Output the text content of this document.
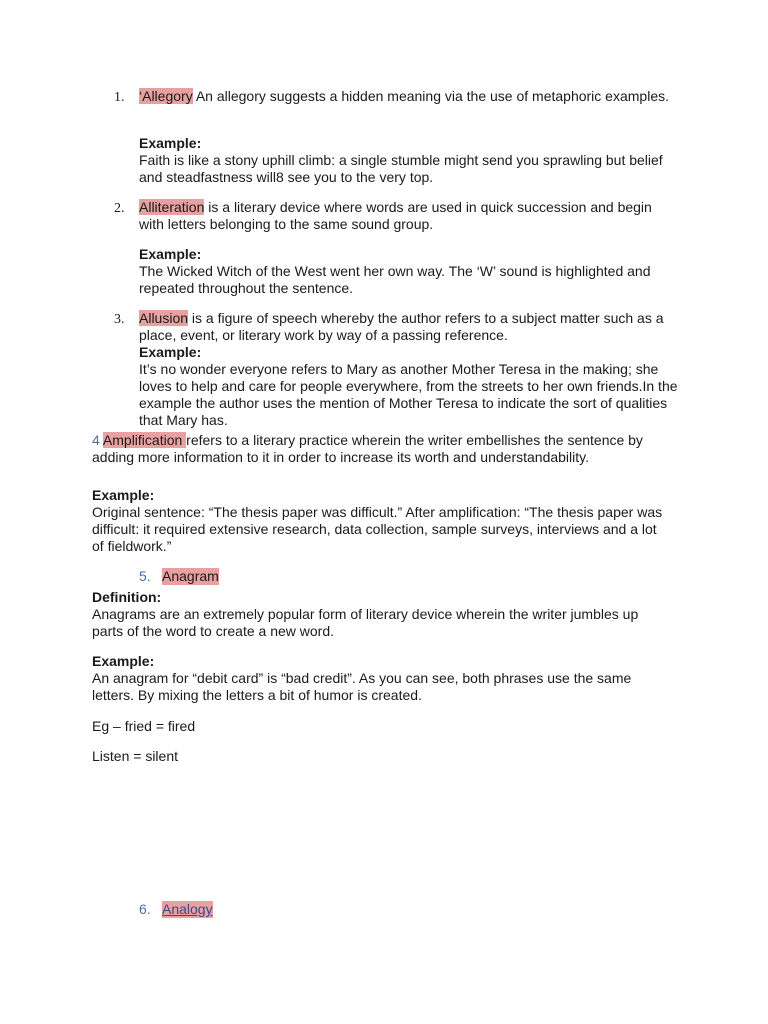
1. ‘Allegory An allegory suggests a hidden meaning via the use of metaphoric examples.

Example:

Faith is like a stony uphill climb: a single stumble might send you sprawling but belief and steadfastness will8 see you to the very top.

2. Alliteration is a literary device where words are used in quick succession and begin with letters belonging to the same sound group.

Example:

The Wicked Witch of the West went her own way. The ‘W’ sound is highlighted and repeated throughout the sentence.

3. Allusion is a figure of speech whereby the author refers to a subject matter such as a place, event, or literary work by way of a passing reference.

Example:

It’s no wonder everyone refers to Mary as another Mother Teresa in the making; she loves to help and care for people everywhere, from the streets to her own friends.In the example the author uses the mention of Mother Teresa to indicate the sort of qualities that Mary has.

4 Amplification refers to a literary practice wherein the writer embellishes the sentence by adding more information to it in order to increase its worth and understandability.

Example:

Original sentence: “The thesis paper was difficult.” After amplification: “The thesis paper was difficult: it required extensive research, data collection, sample surveys, interviews and a lot of fieldwork.”

5. Anagram

Definition:

Anagrams are an extremely popular form of literary device wherein the writer jumbles up parts of the word to create a new word.

Example:

An anagram for “debit card” is “bad credit”. As you can see, both phrases use the same letters. By mixing the letters a bit of humor is created.

Eg – fried = fired

Listen = silent

6. Analogy
